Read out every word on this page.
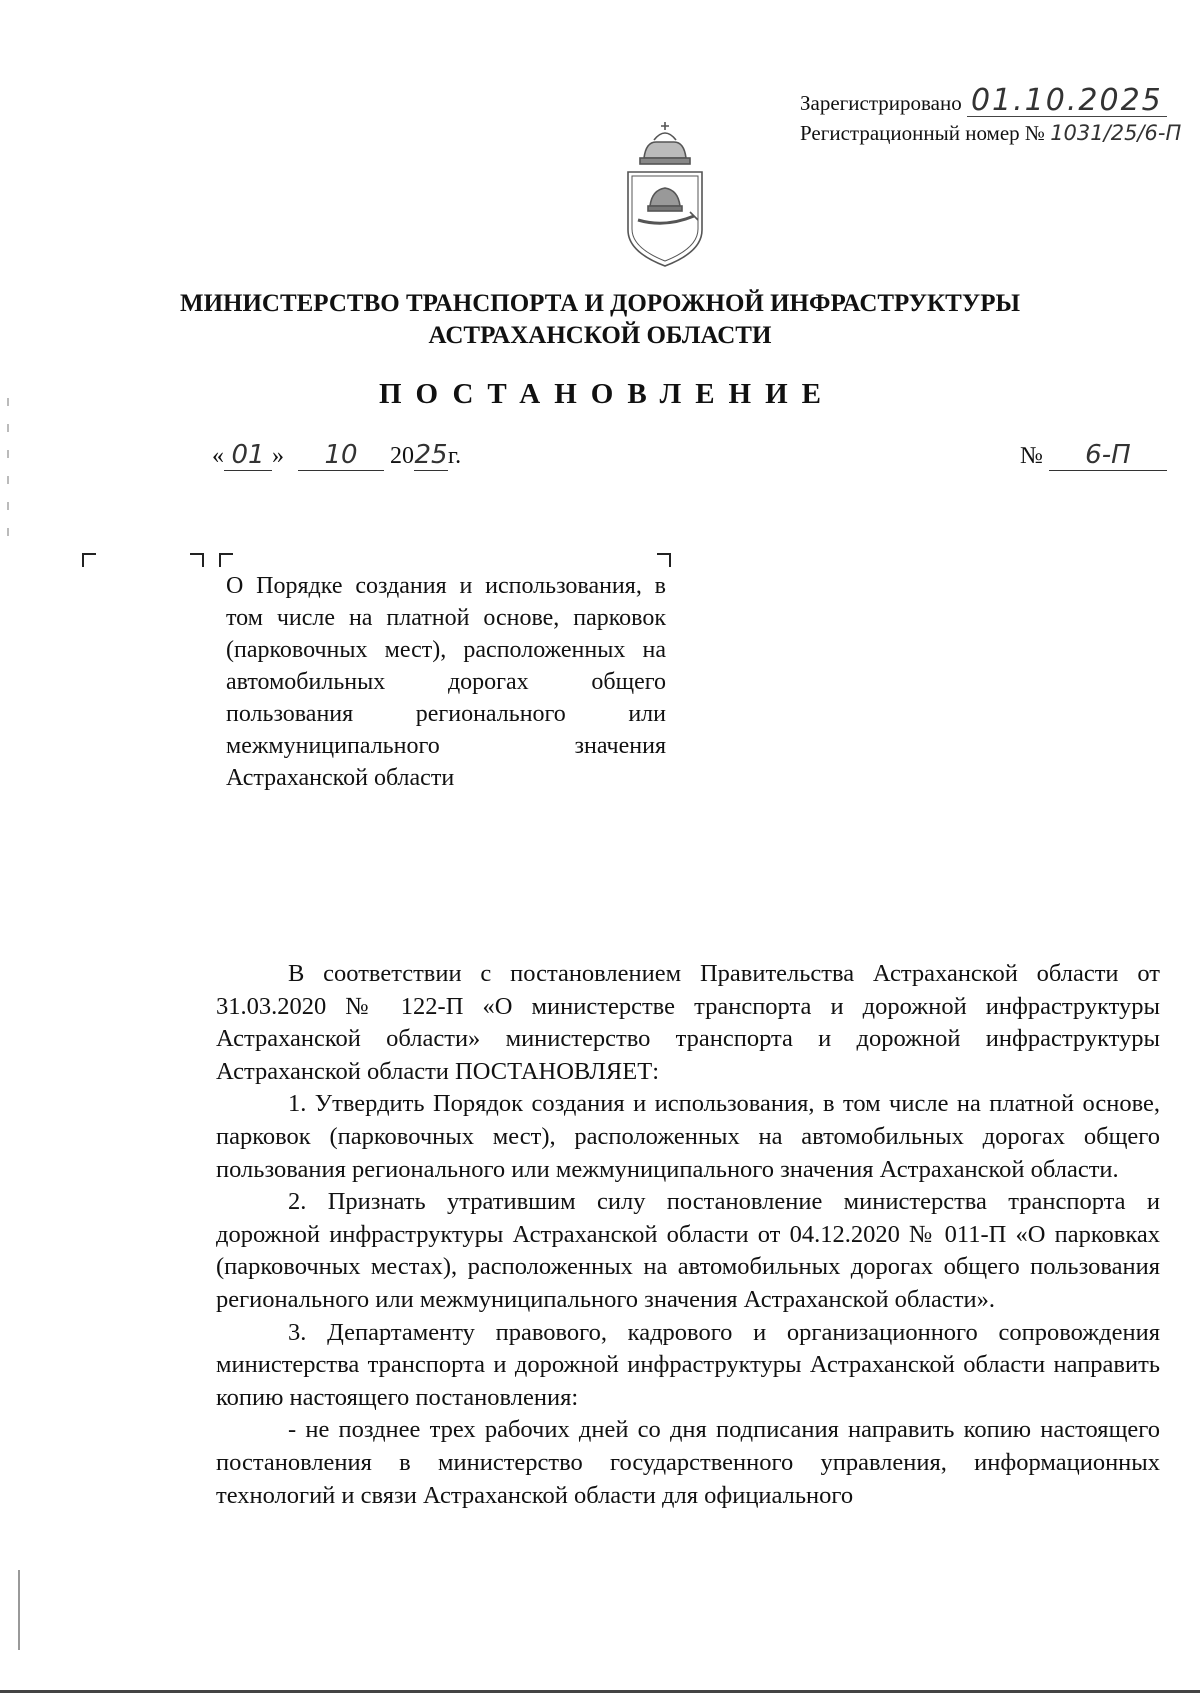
Зарегистрировано 01.10.2025
Регистрационный номер № 1031/25/6-П
МИНИСТЕРСТВО ТРАНСПОРТА И ДОРОЖНОЙ ИНФРАСТРУКТУРЫ
АСТРАХАНСКОЙ ОБЛАСТИ
ПОСТАНОВЛЕНИЕ
« 01 » 10 2025г.	№ 6-П
О Порядке создания и использования, в том числе на платной основе, парковок (парковочных мест), расположенных на автомобильных дорогах общего пользования регионального или межмуниципального значения Астраханской области

В соответствии с постановлением Правительства Астраханской области от 31.03.2020 № 122-П «О министерстве транспорта и дорожной инфраструктуры Астраханской области» министерство транспорта и дорожной инфраструктуры Астраханской области ПОСТАНОВЛЯЕТ:

1. Утвердить Порядок создания и использования, в том числе на платной основе, парковок (парковочных мест), расположенных на автомобильных дорогах общего пользования регионального или межмуниципального значения Астраханской области.

2. Признать утратившим силу постановление министерства транспорта и дорожной инфраструктуры Астраханской области от 04.12.2020 № 011-П «О парковках (парковочных местах), расположенных на автомобильных дорогах общего пользования регионального или межмуниципального значения Астраханской области».

3. Департаменту правового, кадрового и организационного сопровождения министерства транспорта и дорожной инфраструктуры Астраханской области направить копию настоящего постановления:

- не позднее трех рабочих дней со дня подписания направить копию настоящего постановления в министерство государственного управления, информационных технологий и связи Астраханской области для официального
